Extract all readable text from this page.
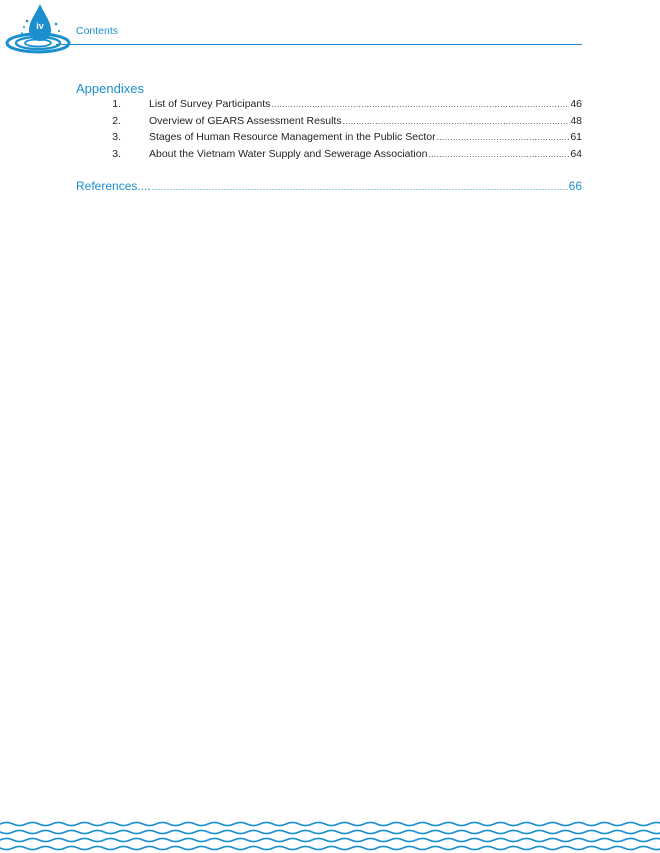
iv	Contents
Appendixes
1.	List of Survey Participants .....	46
2.	Overview of GEARS Assessment Results .....	48
3.	Stages of Human Resource Management in the Public Sector .....	61
3.	About the Vietnam Water Supply and Sewerage Association .....	64
References.... .....	66
